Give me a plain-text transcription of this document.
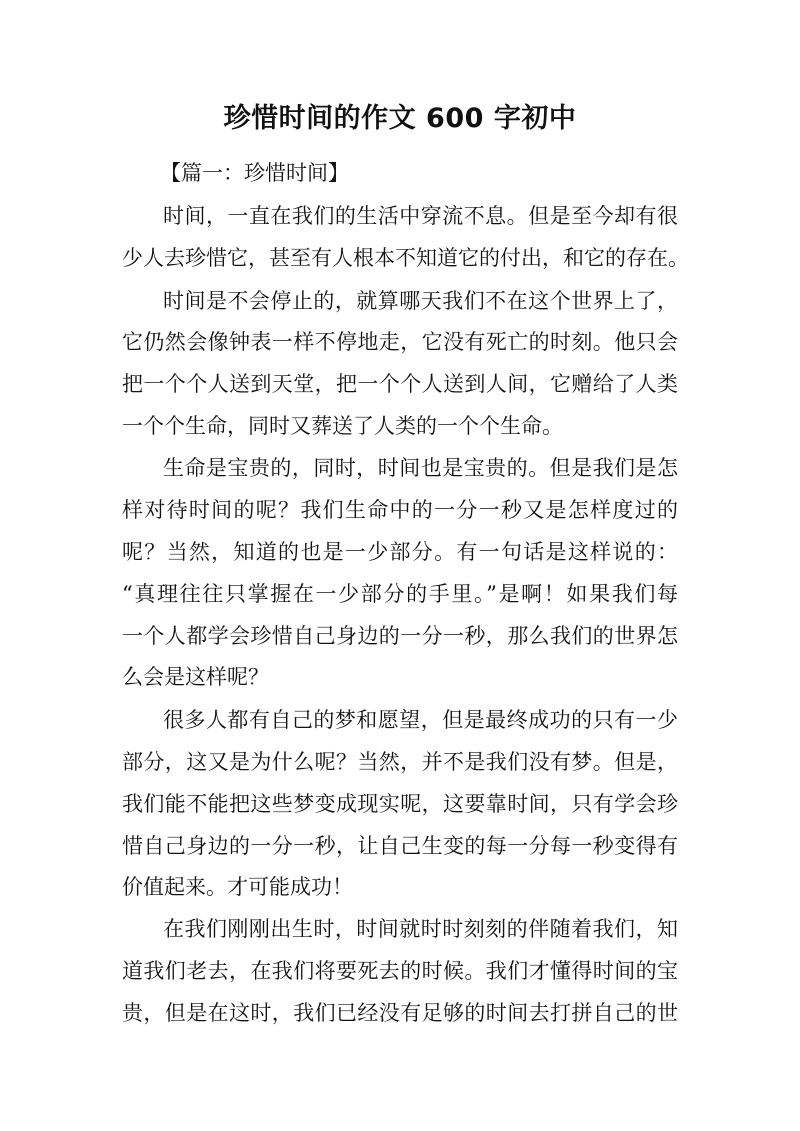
珍惜时间的作文 600 字初中
【篇一：珍惜时间】
时间，一直在我们的生活中穿流不息。但是至今却有很
少人去珍惜它，甚至有人根本不知道它的付出，和它的存在。
时间是不会停止的，就算哪天我们不在这个世界上了，
它仍然会像钟表一样不停地走，它没有死亡的时刻。他只会
把一个个人送到天堂，把一个个人送到人间，它赠给了人类
一个个生命，同时又葬送了人类的一个个生命。
生命是宝贵的，同时，时间也是宝贵的。但是我们是怎
样对待时间的呢？我们生命中的一分一秒又是怎样度过的
呢？当然，知道的也是一少部分。有一句话是这样说的：
“真理往往只掌握在一少部分的手里。”是啊！如果我们每
一个人都学会珍惜自己身边的一分一秒，那么我们的世界怎
么会是这样呢？
很多人都有自己的梦和愿望，但是最终成功的只有一少
部分，这又是为什么呢？当然，并不是我们没有梦。但是，
我们能不能把这些梦变成现实呢，这要靠时间，只有学会珍
惜自己身边的一分一秒，让自己生变的每一分每一秒变得有
价值起来。才可能成功！
在我们刚刚出生时，时间就时时刻刻的伴随着我们，知
道我们老去，在我们将要死去的时候。我们才懂得时间的宝
贵，但是在这时，我们已经没有足够的时间去打拼自己的世
